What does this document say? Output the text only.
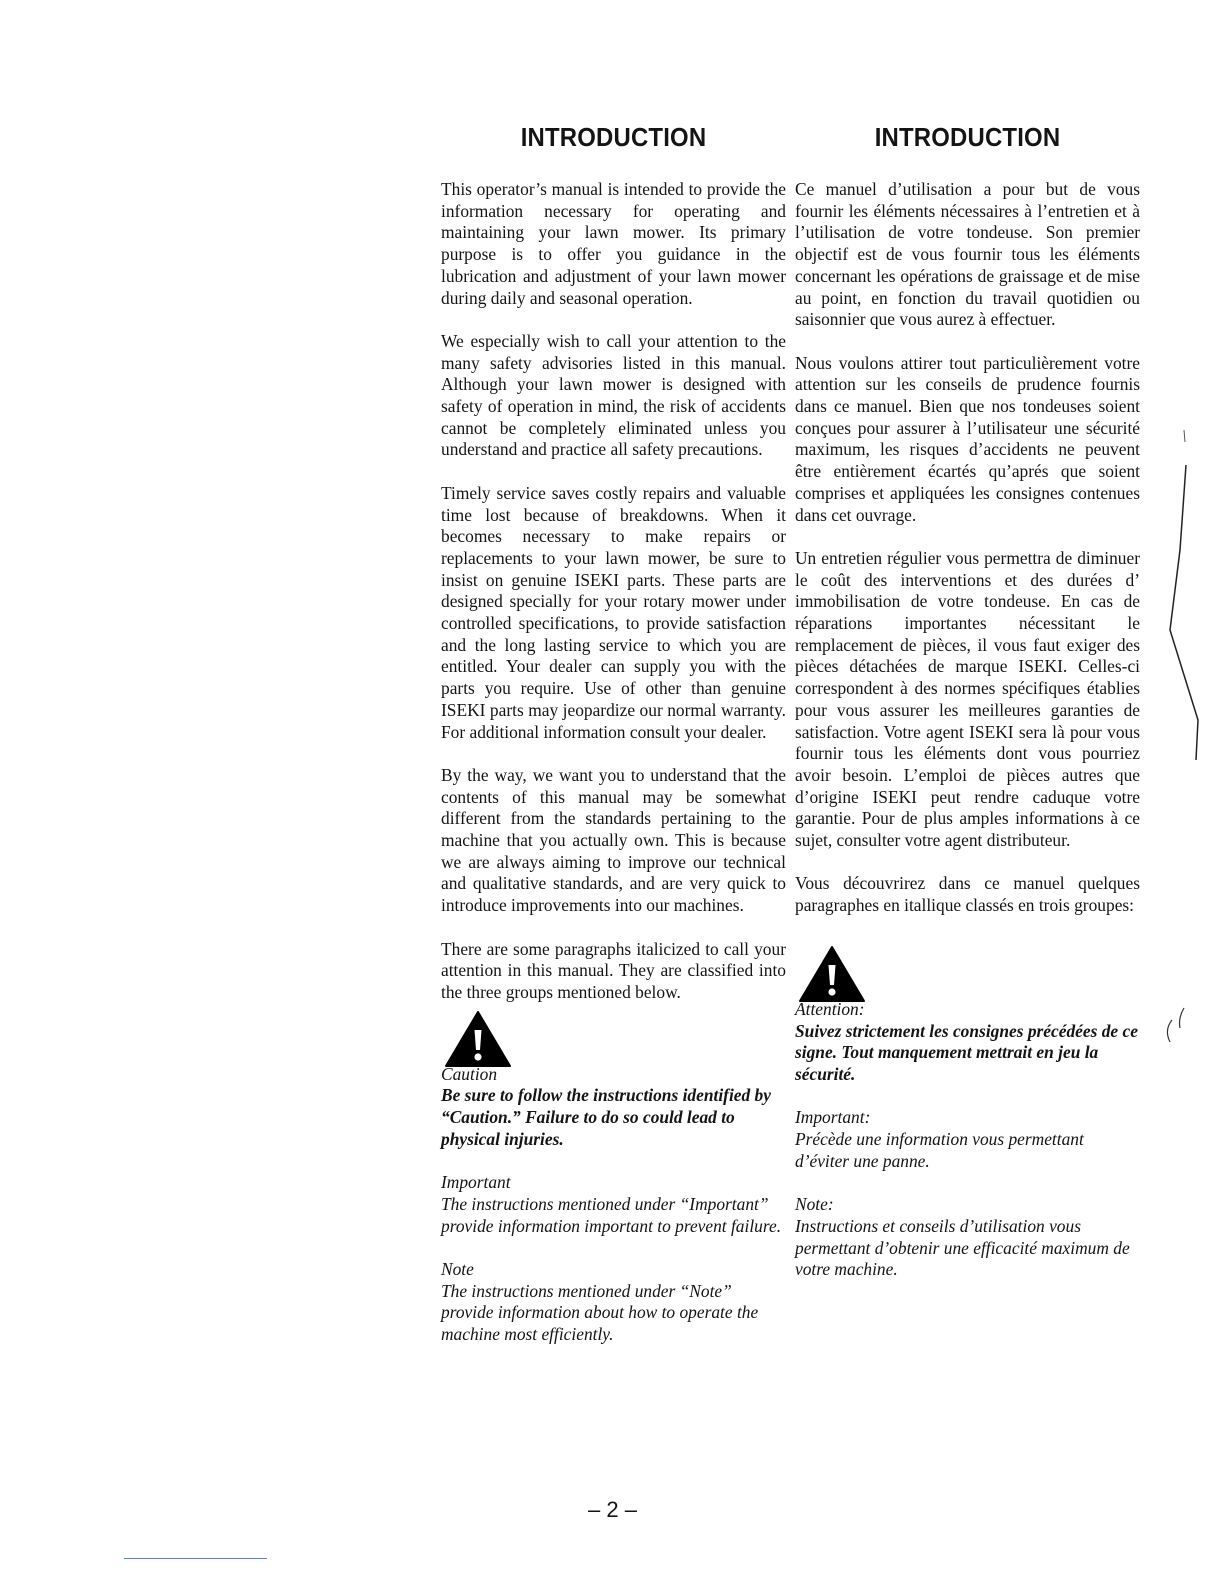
INTRODUCTION

This operator’s manual is intended to provide the information necessary for operating and maintaining your lawn mower. Its primary purpose is to offer you guidance in the lubrication and adjustment of your lawn mower during daily and seasonal operation.

We especially wish to call your attention to the many safety advisories listed in this manual. Although your lawn mower is designed with safety of operation in mind, the risk of accidents cannot be completely eliminated unless you understand and practice all safety precautions.

Timely service saves costly repairs and valuable time lost because of breakdowns. When it becomes necessary to make repairs or replacements to your lawn mower, be sure to insist on genuine ISEKI parts. These parts are designed specially for your rotary mower under controlled specifications, to provide satisfaction and the long lasting service to which you are entitled. Your dealer can supply you with the parts you require. Use of other than genuine ISEKI parts may jeopardize our normal warranty. For additional information consult your dealer.

By the way, we want you to understand that the contents of this manual may be somewhat different from the standards pertaining to the machine that you actually own. This is because we are always aiming to improve our technical and qualitative standards, and are very quick to introduce improvements into our machines.

There are some paragraphs italicized to call your attention in this manual. They are classified into the three groups mentioned below.

Caution

Be sure to follow the instructions identified by “Caution.” Failure to do so could lead to physical injuries.

Important

The instructions mentioned under “Important” provide information important to prevent failure.

Note

The instructions mentioned under “Note” provide information about how to operate the machine most efficiently.

INTRODUCTION

Ce manuel d’utilisation a pour but de vous fournir les éléments nécessaires à l’entretien et à l’utilisation de votre tondeuse. Son premier objectif est de vous fournir tous les éléments concernant les opérations de graissage et de mise au point, en fonction du travail quotidien ou saisonnier que vous aurez à effectuer.

Nous voulons attirer tout particulièrement votre attention sur les conseils de prudence fournis dans ce manuel. Bien que nos tondeuses soient conçues pour assurer à l’utilisateur une sécurité maximum, les risques d’accidents ne peuvent être entièrement écartés qu’aprés que soient comprises et appliquées les consignes contenues dans cet ouvrage.

Un entretien régulier vous permettra de diminuer le coût des interventions et des durées d’ immobilisation de votre tondeuse. En cas de réparations importantes nécessitant le remplacement de pièces, il vous faut exiger des pièces détachées de marque ISEKI. Celles-ci correspondent à des normes spécifiques établies pour vous assurer les meilleures garanties de satisfaction. Votre agent ISEKI sera là pour vous fournir tous les éléments dont vous pourriez avoir besoin. L’emploi de pièces autres que d’origine ISEKI peut rendre caduque votre garantie. Pour de plus amples informations à ce sujet, consulter votre agent distributeur.

Vous découvrirez dans ce manuel quelques paragraphes en itallique classés en trois groupes:

Attention:

Suivez strictement les consignes précédées de ce signe. Tout manquement mettrait en jeu la sécurité.

Important:

Précède une information vous permettant d’éviter une panne.

Note:

Instructions et conseils d’utilisation vous permettant d’obtenir une efficacité maximum de votre machine.

– 2 –
